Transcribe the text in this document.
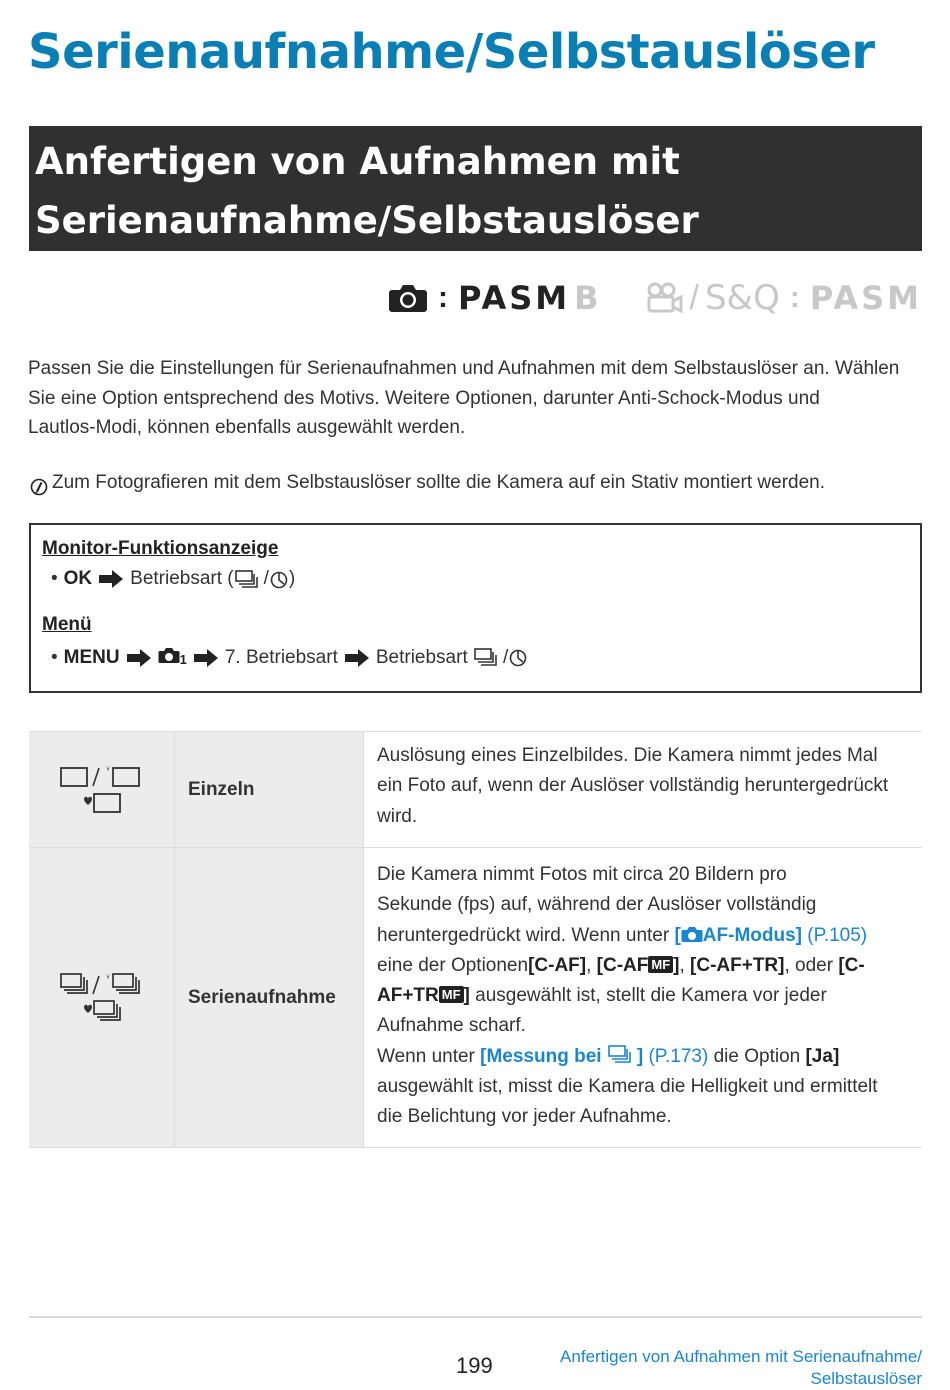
Serienaufnahme/Selbstauslöser
Anfertigen von Aufnahmen mit
Serienaufnahme/Selbstauslöser
: PASM B	/ S&Q : PASM

Passen Sie die Einstellungen für Serienaufnahmen und Aufnahmen mit dem Selbstauslöser an. Wählen
Sie eine Option entsprechend des Motivs. Weitere Optionen, darunter Anti-Schock-Modus und
Lautlos-Modi, können ebenfalls ausgewählt werden.

Zum Fotografieren mit dem Selbstauslöser sollte die Kamera auf ein Stativ montiert werden.
Monitor-Funktionsanzeige
• OK Betriebsart ( / )
Menü
• MENU	$_1$ 7. Betriebsart Betriebsart /
Einzeln
Auslösung eines Einzelbildes. Die Kamera nimmt jedes Mal
ein Foto auf, wenn der Auslöser vollständig heruntergedrückt
wird.
Serienaufnahme
Die Kamera nimmt Fotos mit circa 20 Bildern pro
Sekunde (fps) auf, während der Auslöser vollständig
heruntergedrückt wird. Wenn unter [ AF-Modus] (P.105)
eine der Optionen[C-AF], [C-AF MF ], [C-AF+TR], oder [C-
AF+TR MF ] ausgewählt ist, stellt die Kamera vor jeder
Aufnahme scharf.
Wenn unter [Messung bei ] (P.173) die Option [Ja]
ausgewählt ist, misst die Kamera die Helligkeit und ermittelt
die Belichtung vor jeder Aufnahme.
199	Anfertigen von Aufnahmen mit Serienaufnahme/
Selbstauslöser
